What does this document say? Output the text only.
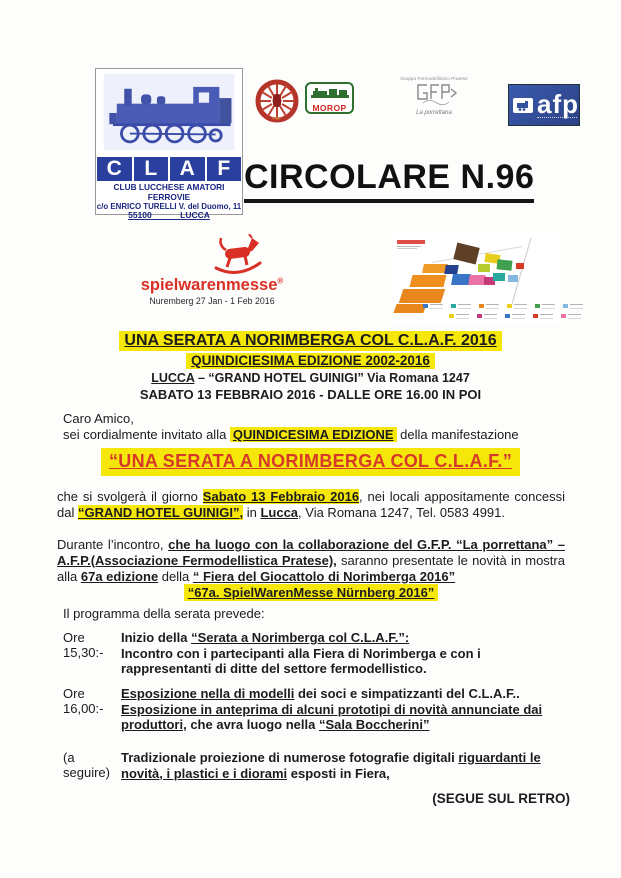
C	L	A	F
CLUB LUCCHESE AMATORI FERROVIE
c/o ENRICO TURELLI V. del Duomo, 11
55100	LUCCA
FIMF
MOROP
Gruppo Fermodellistico Pratese
La porrettana	afp
CIRCOLARE N.96
spielwarenmesse®
Nuremberg 27 Jan - 1 Feb 2016
UNA SERATA A NORIMBERGA COL C.L.A.F. 2016
QUINDICIESIMA EDIZIONE 2002-2016
LUCCA – “GRAND HOTEL GUINIGI” Via Romana 1247
SABATO 13 FEBBRAIO 2016 - DALLE ORE 16.00 IN POI
Caro Amico,
sei cordialmente invitato alla QUINDICESIMA EDIZIONE della manifestazione
“UNA SERATA A NORIMBERGA COL C.L.A.F.”
che si svolgerà il giorno Sabato 13 Febbraio 2016, nei locali appositamente concessi dal “GRAND HOTEL GUINIGI”, in Lucca, Via Romana 1247, Tel. 0583 4991.
Durante l’incontro, che ha luogo con la collaborazione del G.F.P. “La porrettana” – A.F.P.(Associazione Fermodellistica Pratese), saranno presentate le novità in mostra alla 67a edizione della “ Fiera del Giocattolo di Norimberga 2016”
“67a. SpielWarenMesse Nürnberg 2016”
Il programma della serata prevede:
Ore 15,30:-
Inizio della “Serata a Norimberga col C.L.A.F.”:
Incontro con i partecipanti alla Fiera di Norimberga e con i rappresentanti di ditte del settore fermodellistico.
Ore 16,00:-
Esposizione nella di modelli dei soci e simpatizzanti del C.L.A.F..
Esposizione in anteprima di alcuni prototipi di novità annunciate dai produttori, che avra luogo nella “Sala Boccherini”
(a seguire)
Tradizionale proiezione di numerose fotografie digitali riguardanti le novità, i plastici e i diorami esposti in Fiera,
(SEGUE SUL RETRO)
